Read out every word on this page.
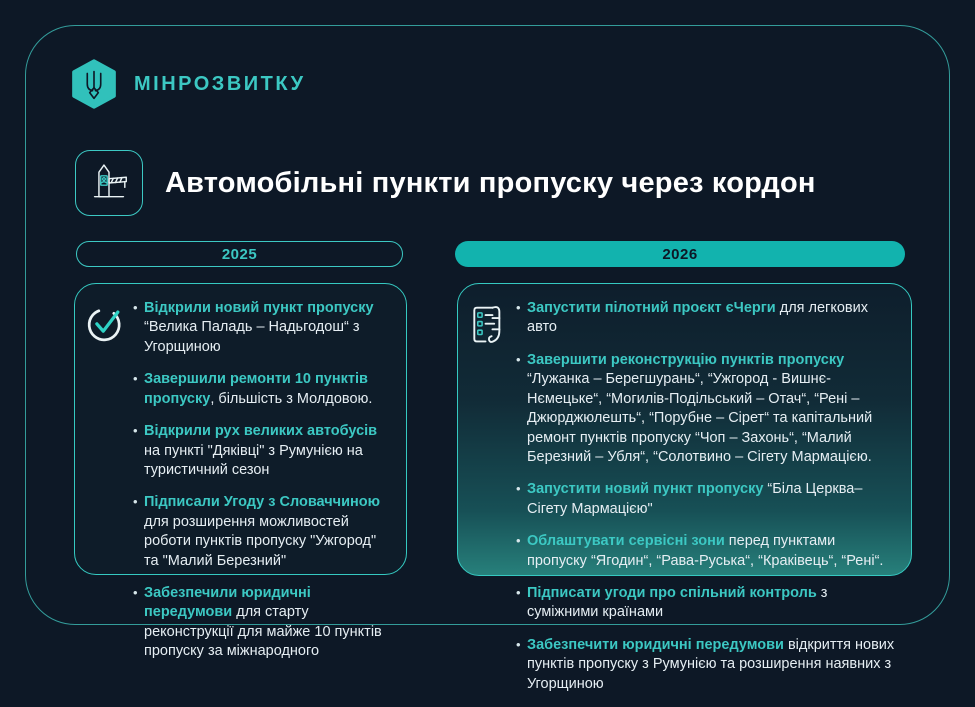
МІНРОЗВИТКУ
Автомобільні пункти пропуску через кордон
2025	2026
• Відкрили новий пункт пропуску “Велика Паладь – Надьгодош“ з Угорщиною
• Завершили ремонти 10 пунктів пропуску, більшість з Молдовою.
• Відкрили рух великих автобусів на пункті "Дяківці" з Румунією на туристичний сезон
• Підписали Угоду з Словаччиною для розширення можливостей роботи пунктів пропуску "Ужгород" та "Малий Березний"
• Забезпечили юридичні передумови для старту реконструкції для майже 10 пунктів пропуску за міжнародного
• Запустити пілотний проєкт єЧерги для легкових авто
• Завершити реконструкцію пунктів пропуску “Лужанка – Берегшурань“, “Ужгород - Вишнє-Нємецьке“, “Могилів-Подільський – Отач“, “Рені – Джюрджюлешть“, “Порубне – Сірет“ та капітальний ремонт пунктів пропуску “Чоп – Захонь“, “Малий Березний – Убля“, “Солотвино – Сігету Мармацією.
• Запустити новий пункт пропуску “Біла Церква– Сігету Мармацією"
• Облаштувати сервісні зони перед пунктами пропуску “Ягодин“, “Рава-Руська“, “Краківець“, “Рені“.
• Підписати угоди про спільний контроль з суміжними країнами
• Забезпечити юридичні передумови відкриття нових пунктів пропуску з Румунією та розширення наявних з Угорщиною
